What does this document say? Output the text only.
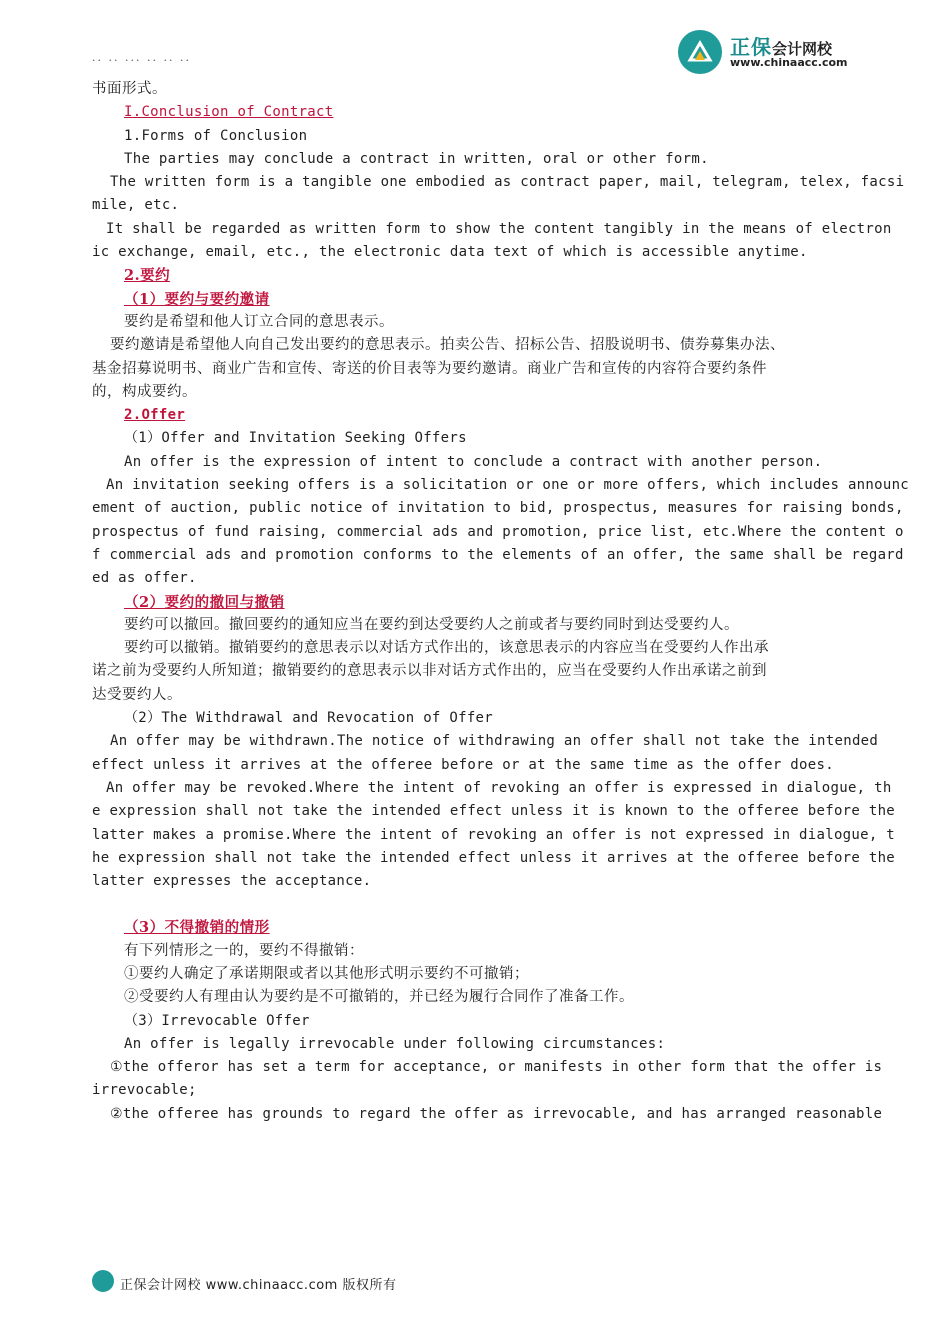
·· ·· ··· ·· ·· ··
正保会计网校
www.chinaacc.com
书面形式。
I.Conclusion of Contract
1.Forms of Conclusion
The parties may conclude a contract in written, oral or other form.
The written form is a tangible one embodied as contract paper, mail, telegram, telex, facsi
mile, etc.
It shall be regarded as written form to show the content tangibly in the means of electron
ic exchange, email, etc., the electronic data text of which is accessible anytime.
2.要约
（1）要约与要约邀请
要约是希望和他人订立合同的意思表示。
要约邀请是希望他人向自己发出要约的意思表示。拍卖公告、招标公告、招股说明书、债券募集办法、
基金招募说明书、商业广告和宣传、寄送的价目表等为要约邀请。商业广告和宣传的内容符合要约条件
的，构成要约。
2.Offer
（1）Offer and Invitation Seeking Offers
An offer is the expression of intent to conclude a contract with another person.
An invitation seeking offers is a solicitation or one or more offers, which includes announc
ement of auction, public notice of invitation to bid, prospectus, measures for raising bonds,
prospectus of fund raising, commercial ads and promotion, price list, etc.Where the content o
f commercial ads and promotion conforms to the elements of an offer, the same shall be regard
ed as offer.
（2）要约的撤回与撤销
要约可以撤回。撤回要约的通知应当在要约到达受要约人之前或者与要约同时到达受要约人。
要约可以撤销。撤销要约的意思表示以对话方式作出的，该意思表示的内容应当在受要约人作出承
诺之前为受要约人所知道；撤销要约的意思表示以非对话方式作出的，应当在受要约人作出承诺之前到
达受要约人。
（2）The Withdrawal and Revocation of Offer
An offer may be withdrawn.The notice of withdrawing an offer shall not take the intended
effect unless it arrives at the offeree before or at the same time as the offer does.
An offer may be revoked.Where the intent of revoking an offer is expressed in dialogue, th
e expression shall not take the intended effect unless it is known to the offeree before the
latter makes a promise.Where the intent of revoking an offer is not expressed in dialogue, t
he expression shall not take the intended effect unless it arrives at the offeree before the
latter expresses the acceptance.
（3）不得撤销的情形
有下列情形之一的，要约不得撤销：
①要约人确定了承诺期限或者以其他形式明示要约不可撤销；
②受要约人有理由认为要约是不可撤销的，并已经为履行合同作了准备工作。
（3）Irrevocable Offer
An offer is legally irrevocable under following circumstances:
①the offeror has set a term for acceptance, or manifests in other form that the offer is
irrevocable;
②the offeree has grounds to regard the offer as irrevocable, and has arranged reasonable
正保会计网校 www.chinaacc.com 版权所有
